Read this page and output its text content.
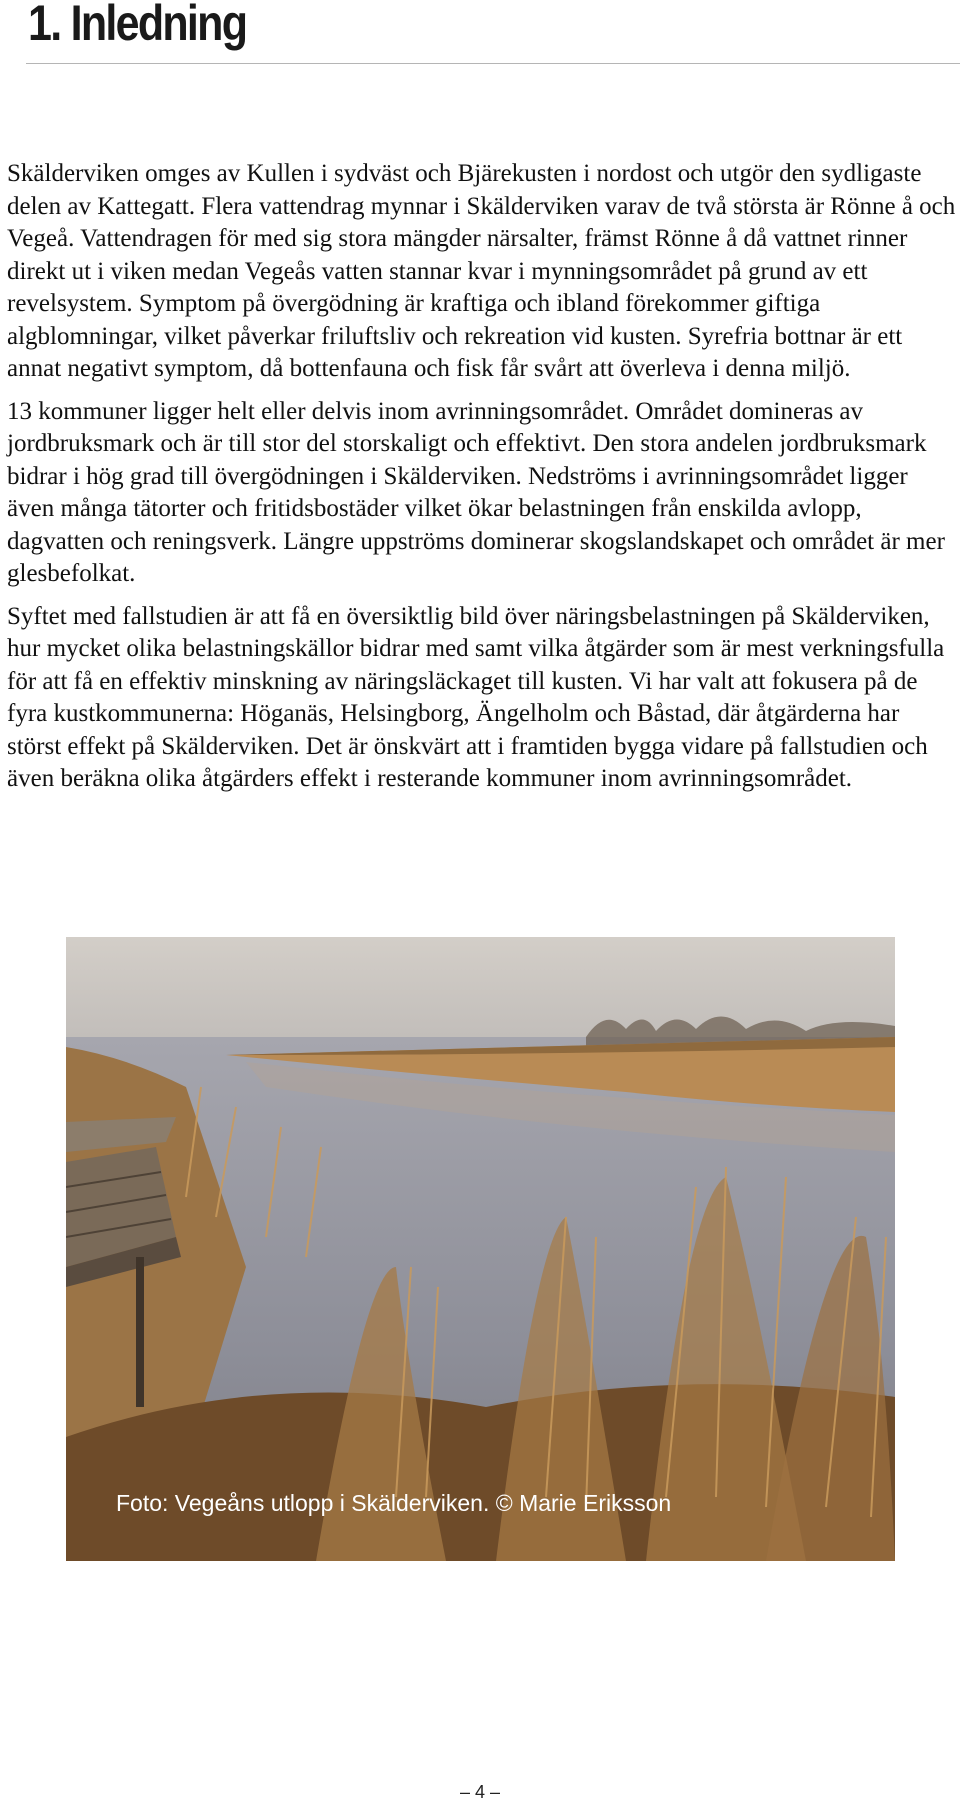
1. Inledning

Skälderviken omges av Kullen i sydväst och Bjärekusten i nordost och utgör den sydligaste delen av Kattegatt. Flera vattendrag mynnar i Skälderviken varav de två största är Rönne å och Vegeå. Vattendragen för med sig stora mängder närsalter, främst Rönne å då vattnet rinner direkt ut i viken medan Vegeås vatten stannar kvar i mynningsområdet på grund av ett revelsystem. Symptom på övergödning är kraftiga och ibland förekommer giftiga algblomningar, vilket påverkar friluftsliv och rekreation vid kusten. Syrefria bottnar är ett annat negativt symptom, då bottenfauna och fisk får svårt att överleva i denna miljö.

13 kommuner ligger helt eller delvis inom avrinningsområdet. Området domineras av jordbruksmark och är till stor del storskaligt och effektivt. Den stora andelen jordbruksmark bidrar i hög grad till övergödningen i Skälderviken. Nedströms i avrinningsområdet ligger även många tätorter och fritidsbostäder vilket ökar belastningen från enskilda avlopp, dagvatten och reningsverk. Längre uppströms dominerar skogslandskapet och området är mer glesbefolkat.

Syftet med fallstudien är att få en översiktlig bild över näringsbelastningen på Skälderviken, hur mycket olika belastningskällor bidrar med samt vilka åtgärder som är mest verkningsfulla för att få en effektiv minskning av näringsläckaget till kusten. Vi har valt att fokusera på de fyra kustkommunerna: Höganäs, Helsingborg, Ängelholm och Båstad, där åtgärderna har störst effekt på Skälderviken. Det är önskvärt att i framtiden bygga vidare på fallstudien och även beräkna olika åtgärders effekt i resterande kommuner inom avrinningsområdet.

Foto: Vegeåns utlopp i Skälderviken. © Marie Eriksson
– 4 –
